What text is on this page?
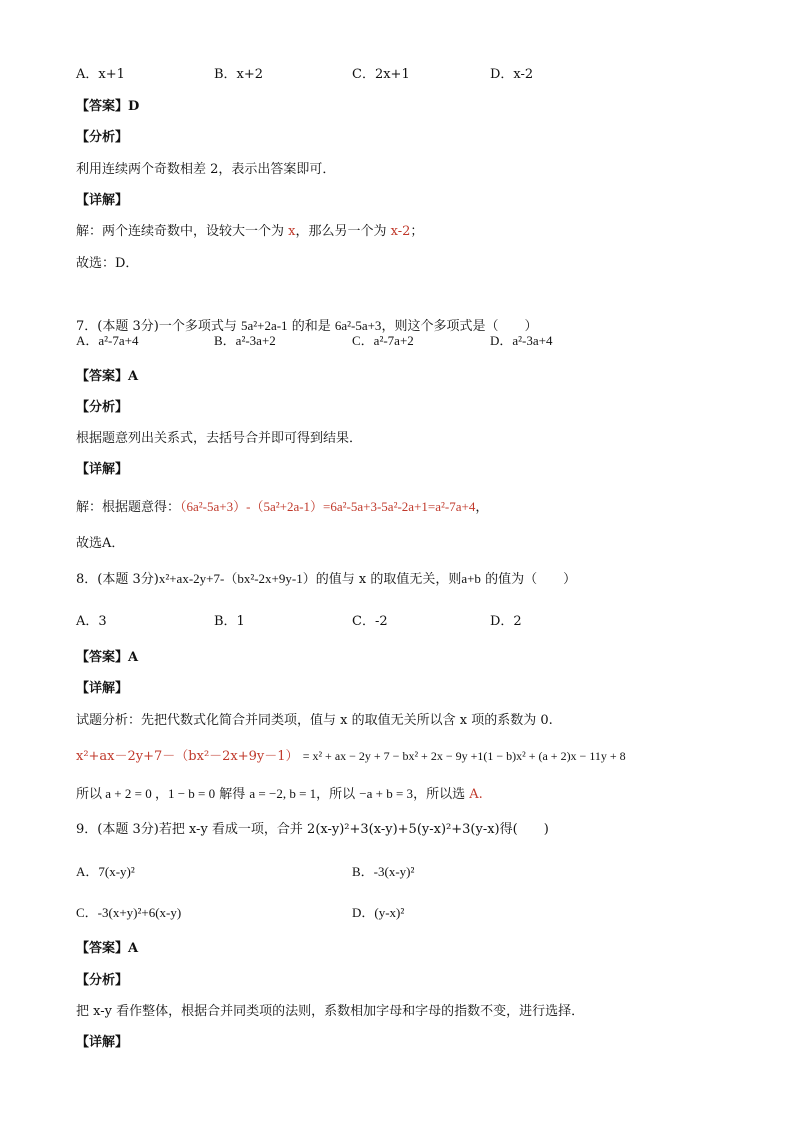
A．x+1	B．x+2	C．2x+1	D．x-2
【答案】D
【分析】
利用连续两个奇数相差 2，表示出答案即可．
【详解】
解：两个连续奇数中，设较大一个为 x，那么另一个为 x-2；
故选：D．
7．(本题 3分)一个多项式与 5a²+2a-1 的和是 6a²-5a+3，则这个多项式是（　　）
A．a²-7a+4	B．a²-3a+2	C．a²-7a+2	D．a²-3a+4
【答案】A
【分析】
根据题意列出关系式，去括号合并即可得到结果．
【详解】
解：根据题意得：（6a²-5a+3）-（5a²+2a-1）=6a²-5a+3-5a²-2a+1=a²-7a+4，
故选A．
8．(本题 3分)x²+ax-2y+7-（bx²-2x+9y-1）的值与 x 的取值无关，则a+b 的值为（　　）
A．3	B．1	C．-2	D．2
【答案】A
【详解】
试题分析：先把代数式化简合并同类项，值与 x 的取值无关所以含 x 项的系数为 0.
x²+ax－2y+7－（bx²－2x+9y－1） = x² + ax − 2y + 7 − bx² + 2x − 9y +1(1 − b)x² + (a + 2)x − 11y + 8
所以 a + 2 = 0 ，1 − b = 0 解得 a = −2, b = 1，所以 −a + b = 3，所以选 A.
9．(本题 3分)若把 x-y 看成一项，合并 2(x-y)²+3(x-y)+5(y-x)²+3(y-x)得(　　)
A．7(x-y)²	B．-3(x-y)²
C．-3(x+y)²+6(x-y)	D．(y-x)²
【答案】A
【分析】
把 x-y 看作整体，根据合并同类项的法则，系数相加字母和字母的指数不变，进行选择．
【详解】
